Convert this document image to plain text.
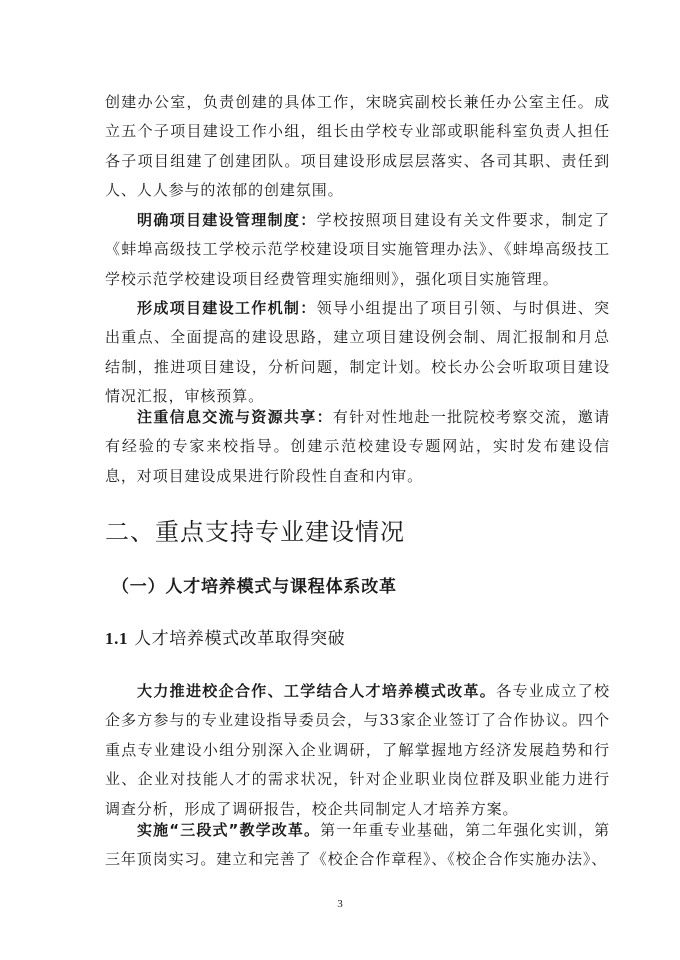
创建办公室，负责创建的具体工作，宋晓宾副校长兼任办公室主任。成立五个子项目建设工作小组，组长由学校专业部或职能科室负责人担任各子项目组建了创建团队。项目建设形成层层落实、各司其职、责任到人、人人参与的浓郁的创建氛围。

明确项目建设管理制度：学校按照项目建设有关文件要求，制定了《蚌埠高级技工学校示范学校建设项目实施管理办法》、《蚌埠高级技工学校示范学校建设项目经费管理实施细则》，强化项目实施管理。

形成项目建设工作机制：领导小组提出了项目引领、与时俱进、突出重点、全面提高的建设思路，建立项目建设例会制、周汇报制和月总结制，推进项目建设，分析问题，制定计划。校长办公会听取项目建设情况汇报，审核预算。

注重信息交流与资源共享：有针对性地赴一批院校考察交流，邀请有经验的专家来校指导。创建示范校建设专题网站，实时发布建设信息，对项目建设成果进行阶段性自查和内审。

二、重点支持专业建设情况
（一）人才培养模式与课程体系改革
1.1 人才培养模式改革取得突破

大力推进校企合作、工学结合人才培养模式改革。各专业成立了校企多方参与的专业建设指导委员会，与33家企业签订了合作协议。四个重点专业建设小组分别深入企业调研，了解掌握地方经济发展趋势和行业、企业对技能人才的需求状况，针对企业职业岗位群及职业能力进行调查分析，形成了调研报告，校企共同制定人才培养方案。

实施“三段式”教学改革。第一年重专业基础，第二年强化实训，第三年顶岗实习。建立和完善了《校企合作章程》、《校企合作实施办法》、

3
